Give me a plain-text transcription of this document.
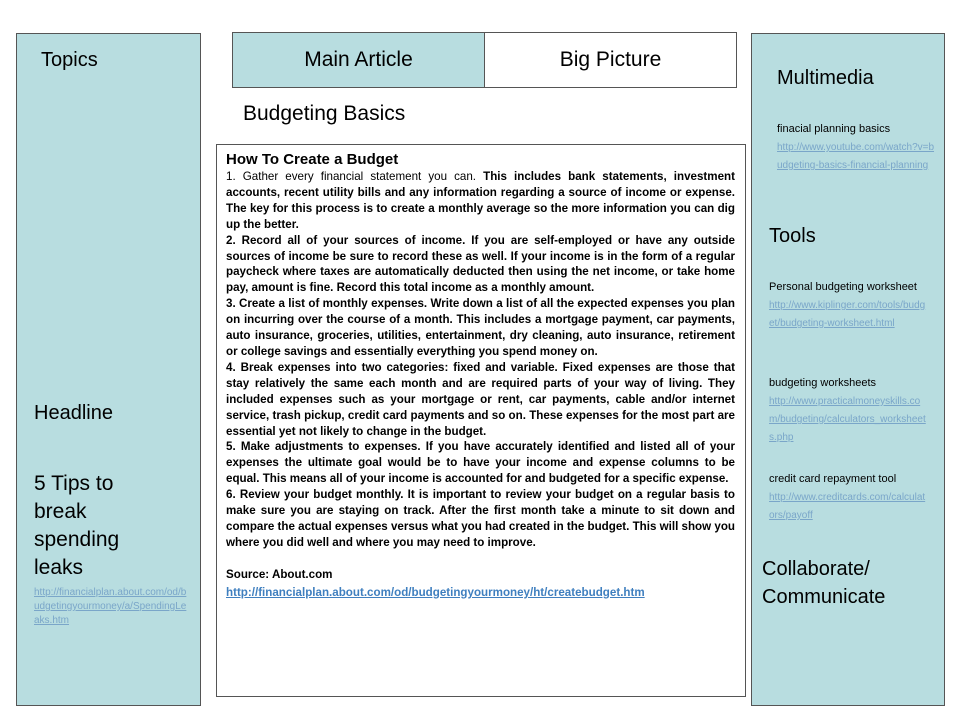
Topics
Headline
5 Tips to break spending leaks
http://financialplan.about.com/od/budgetingyourmoney/a/SpendingLeaks.htm
Main Article	Big Picture
Budgeting Basics
How To Create a Budget

1. Gather every financial statement you can. This includes bank statements, investment accounts, recent utility bills and any information regarding a source of income or expense. The key for this process is to create a monthly average so the more information you can dig up the better.

2. Record all of your sources of income. If you are self-employed or have any outside sources of income be sure to record these as well. If your income is in the form of a regular paycheck where taxes are automatically deducted then using the net income, or take home pay, amount is fine. Record this total income as a monthly amount.

3. Create a list of monthly expenses. Write down a list of all the expected expenses you plan on incurring over the course of a month. This includes a mortgage payment, car payments, auto insurance, groceries, utilities, entertainment, dry cleaning, auto insurance, retirement or college savings and essentially everything you spend money on.

4. Break expenses into two categories: fixed and variable. Fixed expenses are those that stay relatively the same each month and are required parts of your way of living. They included expenses such as your mortgage or rent, car payments, cable and/or internet service, trash pickup, credit card payments and so on. These expenses for the most part are essential yet not likely to change in the budget.

5. Make adjustments to expenses. If you have accurately identified and listed all of your expenses the ultimate goal would be to have your income and expense columns to be equal. This means all of your income is accounted for and budgeted for a specific expense.

6. Review your budget monthly. It is important to review your budget on a regular basis to make sure you are staying on track. After the first month take a minute to sit down and compare the actual expenses versus what you had created in the budget. This will show you where you did well and where you may need to improve.

Source: About.com
http://financialplan.about.com/od/budgetingyourmoney/ht/createbudget.htm
Multimedia
finacial planning basics
http://www.youtube.com/watch?v=budgeting-basics-financial-planning
Tools
Personal budgeting worksheet
http://www.kiplinger.com/tools/budget/budgeting-worksheet.html
budgeting worksheets
http://www.practicalmoneyskills.com/budgeting/calculators_worksheets.php
credit card repayment tool
http://www.creditcards.com/calculators/payoff
Collaborate/ Communicate
